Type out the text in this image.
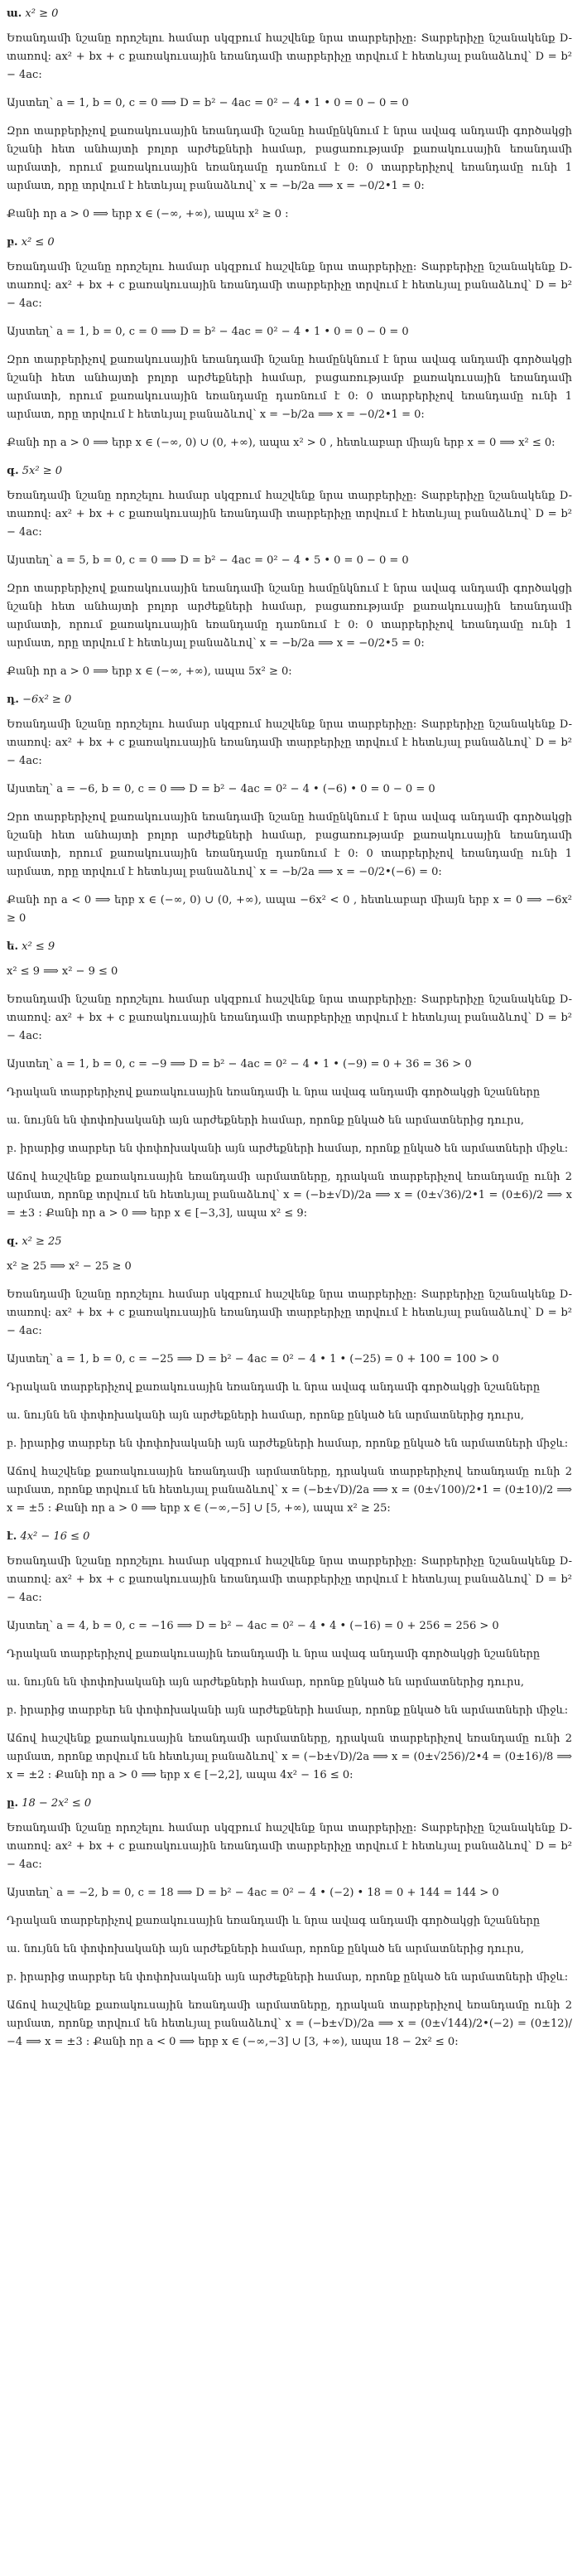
ա. x² ≥ 0

Եռանդամի նշանը որոշելու համար սկզբում հաշվենք նրա տարբերիչը: Տարբերիչը նշանակենք D-տառով: ax² + bx + c քառակուսային եռանդամի տարբերիչը տրվում է հետևյալ բանաձևով՝ D = b² − 4ac:

Այստեղ՝ a = 1, b = 0, c = 0 ⟹ D = b² − 4ac = 0² − 4 • 1 • 0 = 0 − 0 = 0

Զրո տարբերիչով քառակուսային եռանդամի նշանը համընկնում է նրա ավագ անդամի գործակցի նշանի հետ անհայտի բոլոր արժեքների համար, բացառությամբ քառակուսային եռանդամի արմատի, որում քառակուսային եռանդամը դառնում է 0: 0 տարբերիչով եռանդամը ունի 1 արմատ, որը տրվում է հետևյալ բանաձևով՝ x = −b/2a ⟹ x = −0/2•1 = 0:

Քանի որ a > 0 ⟹ երբ x ∈ (−∞, +∞), ապա x² ≥ 0 :

բ. x² ≤ 0

Եռանդամի նշանը որոշելու համար սկզբում հաշվենք նրա տարբերիչը: Տարբերիչը նշանակենք D-տառով: ax² + bx + c քառակուսային եռանդամի տարբերիչը տրվում է հետևյալ բանաձևով՝ D = b² − 4ac:

Այստեղ՝ a = 1, b = 0, c = 0 ⟹ D = b² − 4ac = 0² − 4 • 1 • 0 = 0 − 0 = 0

Զրո տարբերիչով քառակուսային եռանդամի նշանը համընկնում է նրա ավագ անդամի գործակցի նշանի հետ անհայտի բոլոր արժեքների համար, բացառությամբ քառակուսային եռանդամի արմատի, որում քառակուսային եռանդամը դառնում է 0: 0 տարբերիչով եռանդամը ունի 1 արմատ, որը տրվում է հետևյալ բանաձևով՝ x = −b/2a ⟹ x = −0/2•1 = 0:

Քանի որ a > 0 ⟹ երբ x ∈ (−∞, 0) ∪ (0, +∞), ապա x² > 0 , հետևաբար միայն երբ x = 0 ⟹ x² ≤ 0:

գ. 5x² ≥ 0

Եռանդամի նշանը որոշելու համար սկզբում հաշվենք նրա տարբերիչը: Տարբերիչը նշանակենք D-տառով: ax² + bx + c քառակուսային եռանդամի տարբերիչը տրվում է հետևյալ բանաձևով՝ D = b² − 4ac:

Այստեղ՝ a = 5, b = 0, c = 0 ⟹ D = b² − 4ac = 0² − 4 • 5 • 0 = 0 − 0 = 0

Զրո տարբերիչով քառակուսային եռանդամի նշանը համընկնում է նրա ավագ անդամի գործակցի նշանի հետ անհայտի բոլոր արժեքների համար, բացառությամբ քառակուսային եռանդամի արմատի, որում քառակուսային եռանդամը դառնում է 0: 0 տարբերիչով եռանդամը ունի 1 արմատ, որը տրվում է հետևյալ բանաձևով՝ x = −b/2a ⟹ x = −0/2•5 = 0:

Քանի որ a > 0 ⟹ երբ x ∈ (−∞, +∞), ապա 5x² ≥ 0:

դ. −6x² ≥ 0

Եռանդամի նշանը որոշելու համար սկզբում հաշվենք նրա տարբերիչը: Տարբերիչը նշանակենք D-տառով: ax² + bx + c քառակուսային եռանդամի տարբերիչը տրվում է հետևյալ բանաձևով՝ D = b² − 4ac:

Այստեղ՝ a = −6, b = 0, c = 0 ⟹ D = b² − 4ac = 0² − 4 • (−6) • 0 = 0 − 0 = 0

Զրո տարբերիչով քառակուսային եռանդամի նշանը համընկնում է նրա ավագ անդամի գործակցի նշանի հետ անհայտի բոլոր արժեքների համար, բացառությամբ քառակուսային եռանդամի արմատի, որում քառակուսային եռանդամը դառնում է 0: 0 տարբերիչով եռանդամը ունի 1 արմատ, որը տրվում է հետևյալ բանաձևով՝ x = −b/2a ⟹ x = −0/2•(−6) = 0:

Քանի որ a < 0 ⟹ երբ x ∈ (−∞, 0) ∪ (0, +∞), ապա −6x² < 0 , հետևաբար միայն երբ x = 0 ⟹ −6x² ≥ 0

ե. x² ≤ 9

x² ≤ 9 ⟹ x² − 9 ≤ 0

Եռանդամի նշանը որոշելու համար սկզբում հաշվենք նրա տարբերիչը: Տարբերիչը նշանակենք D-տառով: ax² + bx + c քառակուսային եռանդամի տարբերիչը տրվում է հետևյալ բանաձևով՝ D = b² − 4ac:

Այստեղ՝ a = 1, b = 0, c = −9 ⟹ D = b² − 4ac = 0² − 4 • 1 • (−9) = 0 + 36 = 36 > 0

Դրական տարբերիչով քառակուսային եռանդամի և նրա ավագ անդամի գործակցի նշանները

ա. նույնն են փոփոխականի այն արժեքների համար, որոնք ընկած են արմատներից դուրս,

բ. իրարից տարբեր են փոփոխականի այն արժեքների համար, որոնք ընկած են արմատների միջև:

Աճով հաշվենք քառակուսային եռանդամի արմատները, դրական տարբերիչով եռանդամը ունի 2 արմատ, որոնք տրվում են հետևյալ բանաձևով՝ x = (−b±√D)/2a ⟹ x = (0±√36)/2•1 = (0±6)/2 ⟹ x = ±3 : Քանի որ a > 0 ⟹ երբ x ∈ [−3,3], ապա x² ≤ 9:

զ. x² ≥ 25

x² ≥ 25 ⟹ x² − 25 ≥ 0

Եռանդամի նշանը որոշելու համար սկզբում հաշվենք նրա տարբերիչը: Տարբերիչը նշանակենք D-տառով: ax² + bx + c քառակուսային եռանդամի տարբերիչը տրվում է հետևյալ բանաձևով՝ D = b² − 4ac:

Այստեղ՝ a = 1, b = 0, c = −25 ⟹ D = b² − 4ac = 0² − 4 • 1 • (−25) = 0 + 100 = 100 > 0

Դրական տարբերիչով քառակուսային եռանդամի և նրա ավագ անդամի գործակցի նշանները

ա. նույնն են փոփոխականի այն արժեքների համար, որոնք ընկած են արմատներից դուրս,

բ. իրարից տարբեր են փոփոխականի այն արժեքների համար, որոնք ընկած են արմատների միջև:

Աճով հաշվենք քառակուսային եռանդամի արմատները, դրական տարբերիչով եռանդամը ունի 2 արմատ, որոնք տրվում են հետևյալ բանաձևով՝ x = (−b±√D)/2a ⟹ x = (0±√100)/2•1 = (0±10)/2 ⟹ x = ±5 : Քանի որ a > 0 ⟹ երբ x ∈ (−∞,−5] ∪ [5, +∞), ապա x² ≥ 25:

է. 4x² − 16 ≤ 0

Եռանդամի նշանը որոշելու համար սկզբում հաշվենք նրա տարբերիչը: Տարբերիչը նշանակենք D-տառով: ax² + bx + c քառակուսային եռանդամի տարբերիչը տրվում է հետևյալ բանաձևով՝ D = b² − 4ac:

Այստեղ՝ a = 4, b = 0, c = −16 ⟹ D = b² − 4ac = 0² − 4 • 4 • (−16) = 0 + 256 = 256 > 0

Դրական տարբերիչով քառակուսային եռանդամի և նրա ավագ անդամի գործակցի նշանները

ա. նույնն են փոփոխականի այն արժեքների համար, որոնք ընկած են արմատներից դուրս,

բ. իրարից տարբեր են փոփոխականի այն արժեքների համար, որոնք ընկած են արմատների միջև:

Աճով հաշվենք քառակուսային եռանդամի արմատները, դրական տարբերիչով եռանդամը ունի 2 արմատ, որոնք տրվում են հետևյալ բանաձևով՝ x = (−b±√D)/2a ⟹ x = (0±√256)/2•4 = (0±16)/8 ⟹ x = ±2 : Քանի որ a > 0 ⟹ երբ x ∈ [−2,2], ապա 4x² − 16 ≤ 0:

ը. 18 − 2x² ≤ 0

Եռանդամի նշանը որոշելու համար սկզբում հաշվենք նրա տարբերիչը: Տարբերիչը նշանակենք D-տառով: ax² + bx + c քառակուսային եռանդամի տարբերիչը տրվում է հետևյալ բանաձևով՝ D = b² − 4ac:

Այստեղ՝ a = −2, b = 0, c = 18 ⟹ D = b² − 4ac = 0² − 4 • (−2) • 18 = 0 + 144 = 144 > 0

Դրական տարբերիչով քառակուսային եռանդամի և նրա ավագ անդամի գործակցի նշանները

ա. նույնն են փոփոխականի այն արժեքների համար, որոնք ընկած են արմատներից դուրս,

բ. իրարից տարբեր են փոփոխականի այն արժեքների համար, որոնք ընկած են արմատների միջև:

Աճով հաշվենք քառակուսային եռանդամի արմատները, դրական տարբերիչով եռանդամը ունի 2 արմատ, որոնք տրվում են հետևյալ բանաձևով՝ x = (−b±√D)/2a ⟹ x = (0±√144)/2•(−2) = (0±12)/−4 ⟹ x = ±3 : Քանի որ a < 0 ⟹ երբ x ∈ (−∞,−3] ∪ [3, +∞), ապա 18 − 2x² ≤ 0:
